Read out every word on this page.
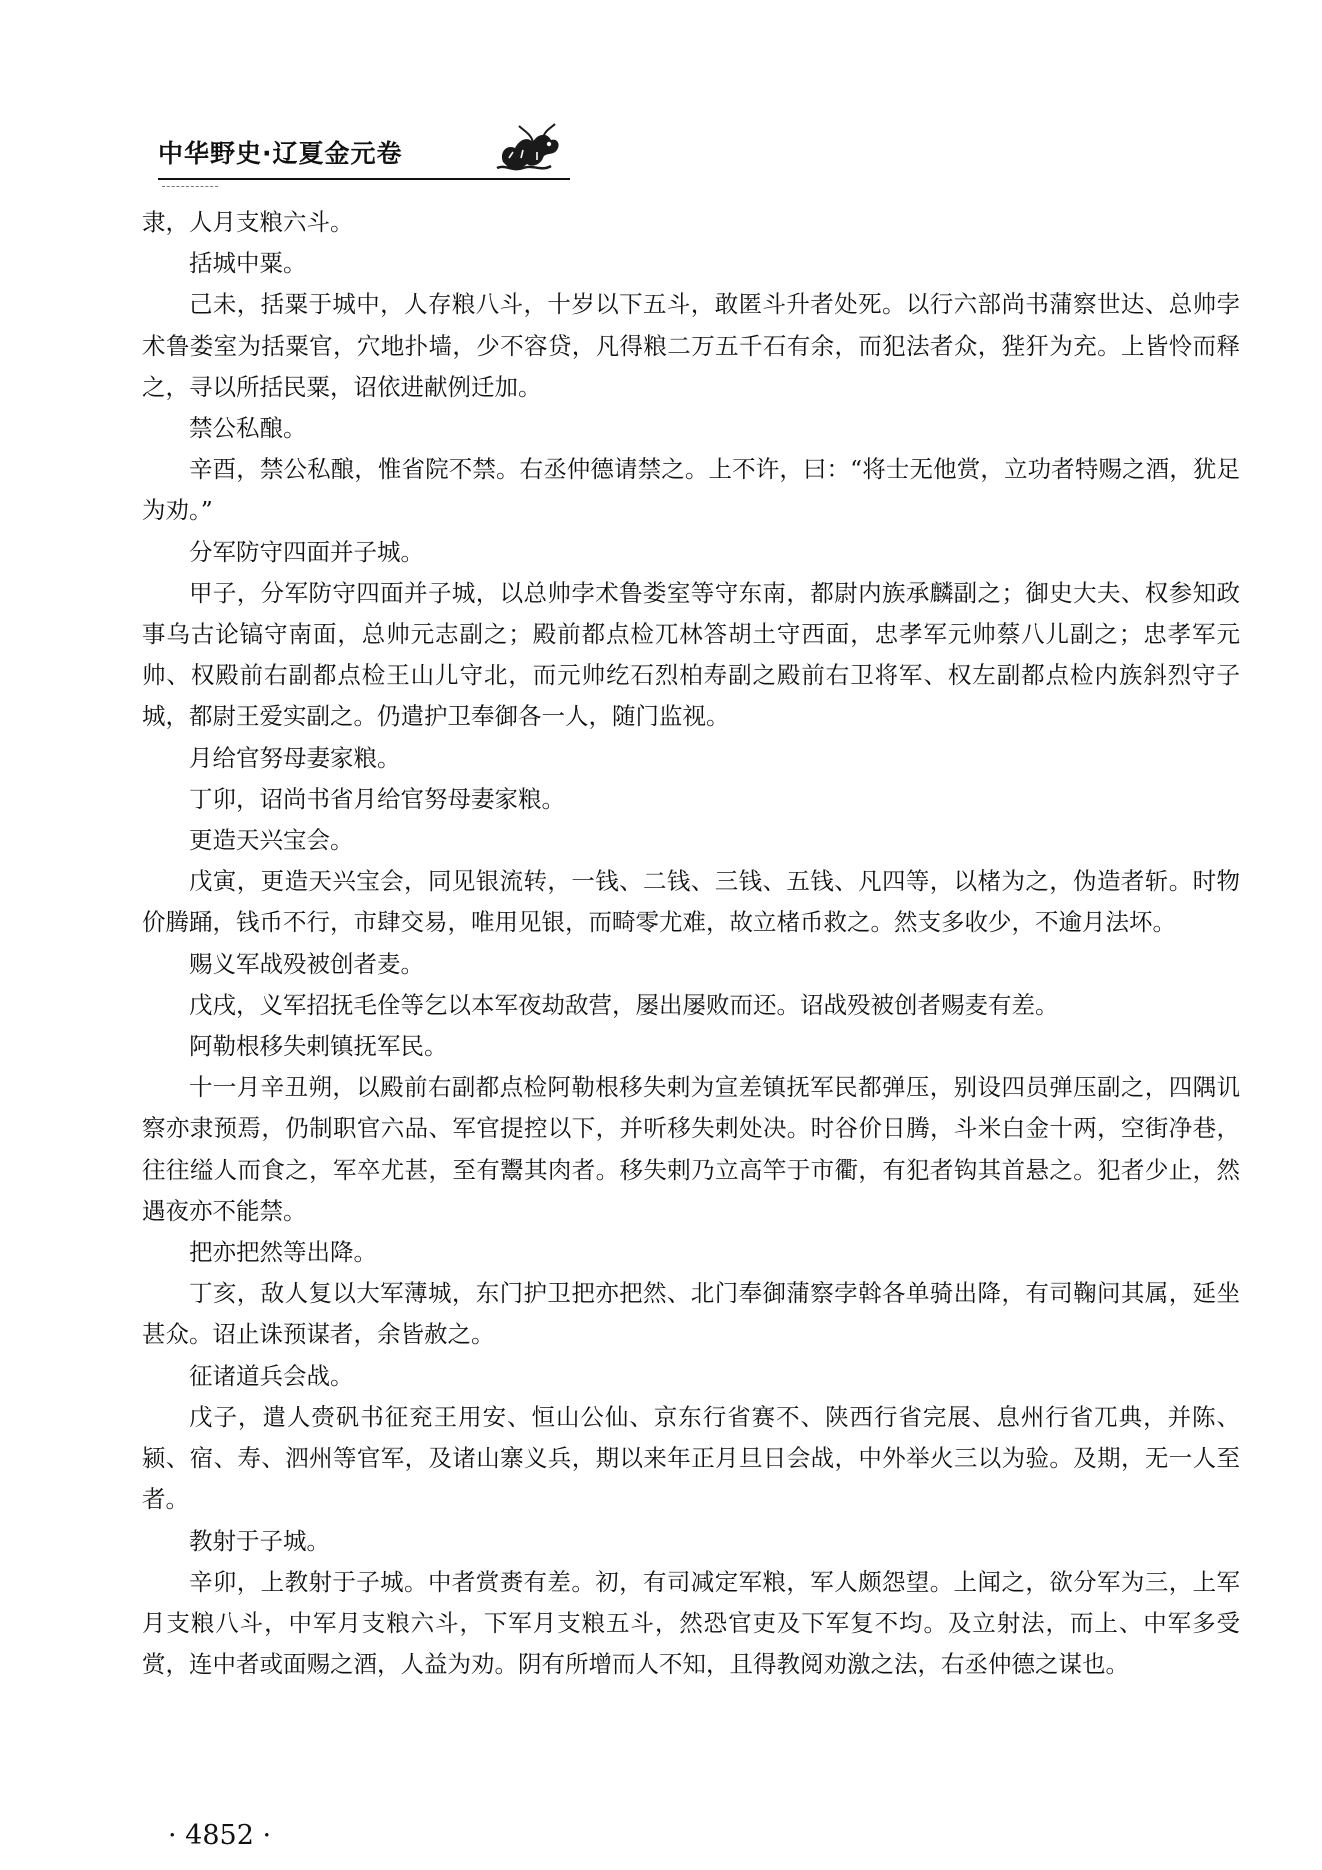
中华野史·辽夏金元卷

隶，人月支粮六斗。

括城中粟。

己未，括粟于城中，人存粮八斗，十岁以下五斗，敢匿斗升者处死。以行六部尚书蒲察世达、总帅孛术鲁娄室为括粟官，穴地扑墙，少不容贷，凡得粮二万五千石有余，而犯法者众，狴犴为充。上皆怜而释之，寻以所括民粟，诏依进献例迁加。

禁公私酿。

辛酉，禁公私酿，惟省院不禁。右丞仲德请禁之。上不许，曰：“将士无他赏，立功者特赐之酒，犹足为劝。”

分军防守四面并子城。

甲子，分军防守四面并子城，以总帅孛术鲁娄室等守东南，都尉内族承麟副之；御史大夫、权参知政事乌古论镐守南面，总帅元志副之；殿前都点检兀林答胡土守西面，忠孝军元帅蔡八儿副之；忠孝军元帅、权殿前右副都点检王山儿守北，而元帅纥石烈柏寿副之殿前右卫将军、权左副都点检内族斜烈守子城，都尉王爱实副之。仍遣护卫奉御各一人，随门监视。

月给官努母妻家粮。

丁卯，诏尚书省月给官努母妻家粮。

更造天兴宝会。

戊寅，更造天兴宝会，同见银流转，一钱、二钱、三钱、五钱、凡四等，以楮为之，伪造者斩。时物价腾踊，钱币不行，市肆交易，唯用见银，而畸零尤难，故立楮币救之。然支多收少，不逾月法坏。

赐义军战殁被创者麦。

戊戌，义军招抚毛佺等乞以本军夜劫敌营，屡出屡败而还。诏战殁被创者赐麦有差。

阿勒根移失剌镇抚军民。

十一月辛丑朔，以殿前右副都点检阿勒根移失剌为宣差镇抚军民都弹压，别设四员弹压副之，四隅讥察亦隶预焉，仍制职官六品、军官提控以下，并听移失剌处决。时谷价日腾，斗米白金十两，空街净巷，往往缢人而食之，军卒尤甚，至有鬻其肉者。移失剌乃立高竿于市衢，有犯者钩其首悬之。犯者少止，然遇夜亦不能禁。

把亦把然等出降。

丁亥，敌人复以大军薄城，东门护卫把亦把然、北门奉御蒲察孛斡各单骑出降，有司鞠问其属，延坐甚众。诏止诛预谋者，余皆赦之。

征诸道兵会战。

戊子，遣人赍矾书征兖王用安、恒山公仙、京东行省赛不、陕西行省完展、息州行省兀典，并陈、颍、宿、寿、泗州等官军，及诸山寨义兵，期以来年正月旦日会战，中外举火三以为验。及期，无一人至者。

教射于子城。

辛卯，上教射于子城。中者赏赉有差。初，有司减定军粮，军人颇怨望。上闻之，欲分军为三，上军月支粮八斗，中军月支粮六斗，下军月支粮五斗，然恐官吏及下军复不均。及立射法，而上、中军多受赏，连中者或面赐之酒，人益为劝。阴有所增而人不知，且得教阅劝激之法，右丞仲德之谋也。

· 4852 ·
